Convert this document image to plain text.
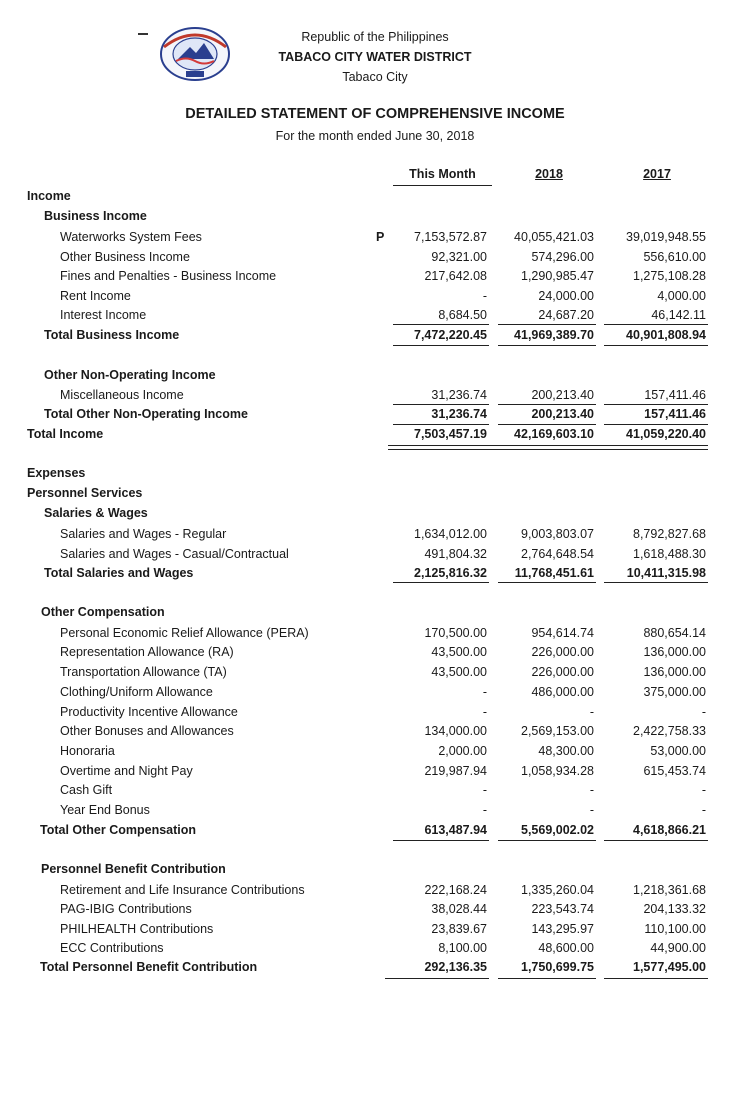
Republic of the Philippines
TABACO CITY WATER DISTRICT
Tabaco City
DETAILED STATEMENT OF COMPREHENSIVE INCOME
For the month ended June 30, 2018
This Month	2018	2017
Income
Business Income
Waterworks System Fees	P	7,153,572.87	40,055,421.03	39,019,948.55
Other Business Income	92,321.00	574,296.00	556,610.00
Fines and Penalties - Business Income	217,642.08	1,290,985.47	1,275,108.28
Rent Income	-	24,000.00	4,000.00
Interest Income	8,684.50	24,687.20	46,142.11
Total Business Income	7,472,220.45	41,969,389.70	40,901,808.94
Other Non-Operating Income
Miscellaneous Income	31,236.74	200,213.40	157,411.46
Total Other Non-Operating Income	31,236.74	200,213.40	157,411.46
Total Income	7,503,457.19	42,169,603.10	41,059,220.40
Expenses
Personnel Services
Salaries & Wages
Salaries and Wages - Regular	1,634,012.00	9,003,803.07	8,792,827.68
Salaries and Wages - Casual/Contractual	491,804.32	2,764,648.54	1,618,488.30
Total Salaries and Wages	2,125,816.32	11,768,451.61	10,411,315.98
Other Compensation
Personal Economic Relief Allowance (PERA)	170,500.00	954,614.74	880,654.14
Representation Allowance (RA)	43,500.00	226,000.00	136,000.00
Transportation Allowance (TA)	43,500.00	226,000.00	136,000.00
Clothing/Uniform Allowance	-	486,000.00	375,000.00
Productivity Incentive Allowance	-	-	-
Other Bonuses and Allowances	134,000.00	2,569,153.00	2,422,758.33
Honoraria	2,000.00	48,300.00	53,000.00
Overtime and Night Pay	219,987.94	1,058,934.28	615,453.74
Cash Gift	-	-	-
Year End Bonus	-	-	-
Total Other Compensation	613,487.94	5,569,002.02	4,618,866.21
Personnel Benefit Contribution
Retirement and Life Insurance Contributions	222,168.24	1,335,260.04	1,218,361.68
PAG-IBIG Contributions	38,028.44	223,543.74	204,133.32
PHILHEALTH Contributions	23,839.67	143,295.97	110,100.00
ECC Contributions	8,100.00	48,600.00	44,900.00
Total Personnel Benefit Contribution	292,136.35	1,750,699.75	1,577,495.00
